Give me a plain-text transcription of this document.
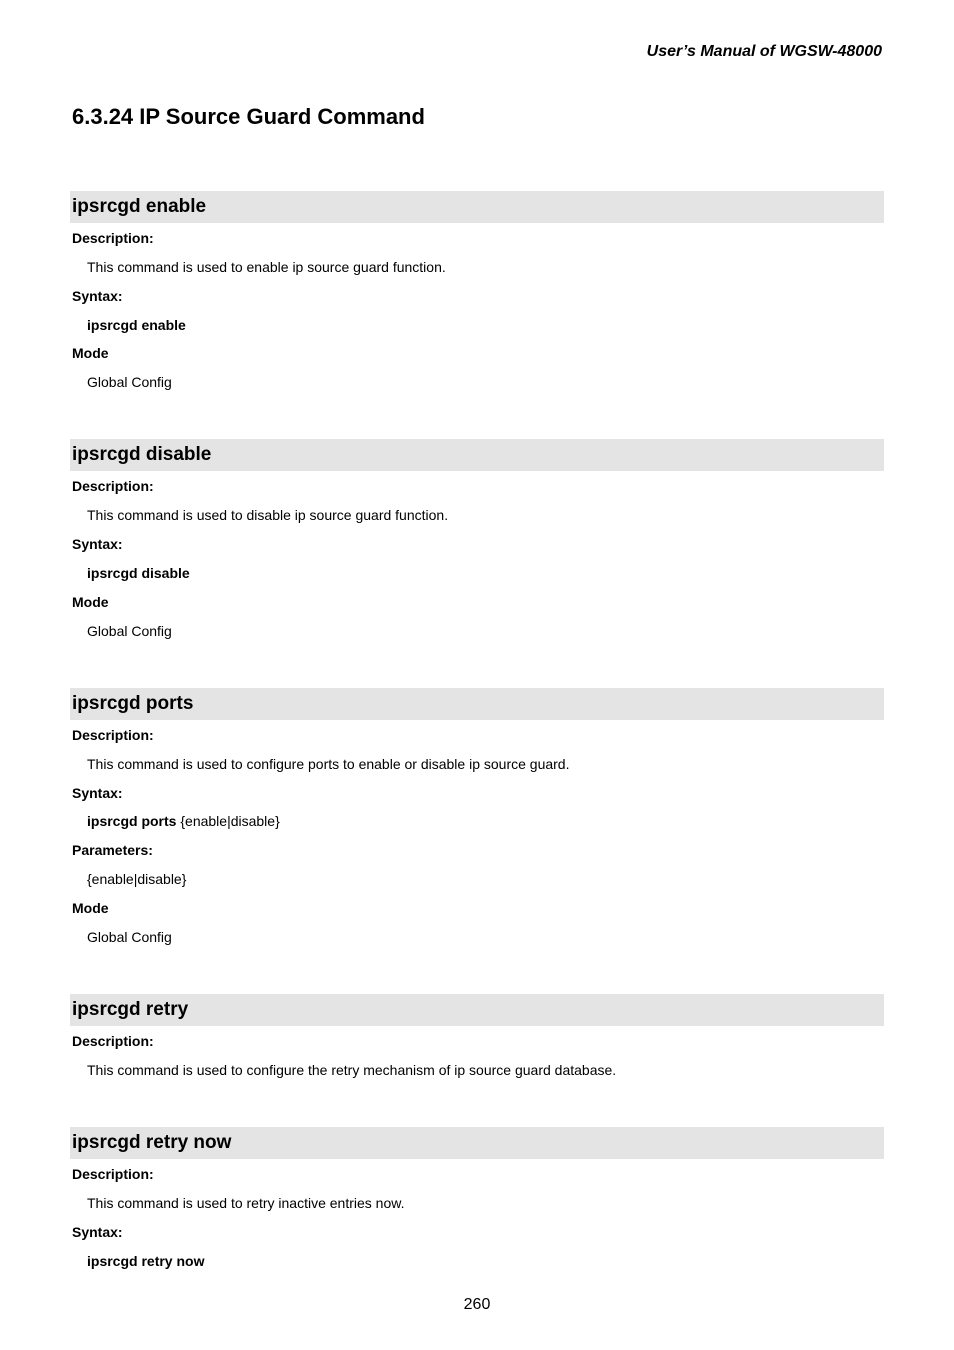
User’s Manual of WGSW-48000
6.3.24 IP Source Guard Command
ipsrcgd enable
Description:
This command is used to enable ip source guard function.
Syntax:
ipsrcgd enable
Mode
Global Config
ipsrcgd disable
Description:
This command is used to disable ip source guard function.
Syntax:
ipsrcgd disable
Mode
Global Config
ipsrcgd ports
Description:
This command is used to configure ports to enable or disable ip source guard.
Syntax:
ipsrcgd ports {enable|disable}
Parameters:
{enable|disable}
Mode
Global Config
ipsrcgd retry
Description:
This command is used to configure the retry mechanism of ip source guard database.
ipsrcgd retry now
Description:
This command is used to retry inactive entries now.
Syntax:
ipsrcgd retry now
260
